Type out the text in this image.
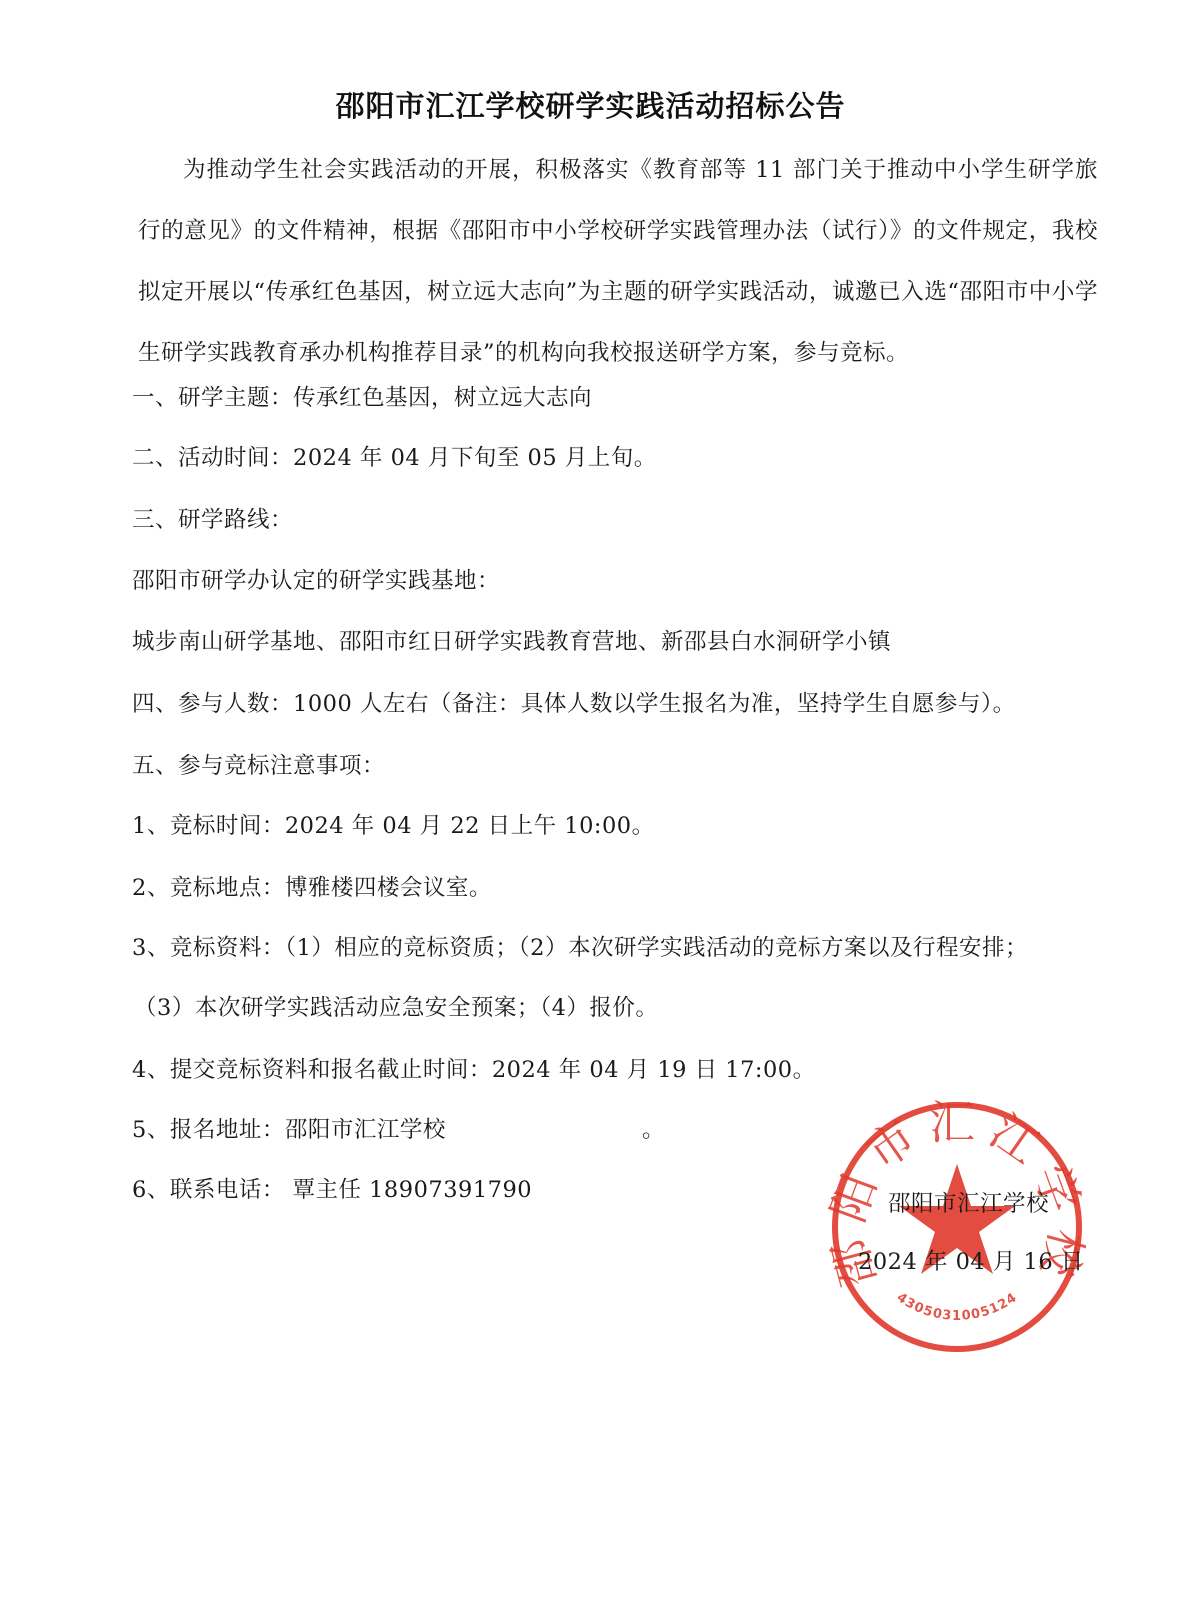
邵阳市汇江学校研学实践活动招标公告

为推动学生社会实践活动的开展，积极落实《教育部等 11 部门关于推动中小学生研学旅行的意见》的文件精神，根据《邵阳市中小学校研学实践管理办法（试行）》的文件规定，我校拟定开展以“传承红色基因，树立远大志向”为主题的研学实践活动，诚邀已入选“邵阳市中小学生研学实践教育承办机构推荐目录”的机构向我校报送研学方案，参与竞标。

一、研学主题：传承红色基因，树立远大志向

二、活动时间：2024 年 04 月下旬至 05 月上旬。

三、研学路线：

邵阳市研学办认定的研学实践基地：

城步南山研学基地、邵阳市红日研学实践教育营地、新邵县白水洞研学小镇

四、参与人数：1000 人左右（备注：具体人数以学生报名为准，坚持学生自愿参与）。

五、参与竞标注意事项：

1、竞标时间：2024 年 04 月 22 日上午 10:00。

2、竞标地点：博雅楼四楼会议室。

3、竞标资料：（1）相应的竞标资质；（2）本次研学实践活动的竞标方案以及行程安排；

（3）本次研学实践活动应急安全预案；（4）报价。

4、提交竞标资料和报名截止时间：2024 年 04 月 19 日 17:00。

5、报名地址：邵阳市汇江学校	。

6、联系电话： 覃主任 18907391790

市汇江
4305031005124
邵阳市汇江学校
2024 年 04 月 16 日
